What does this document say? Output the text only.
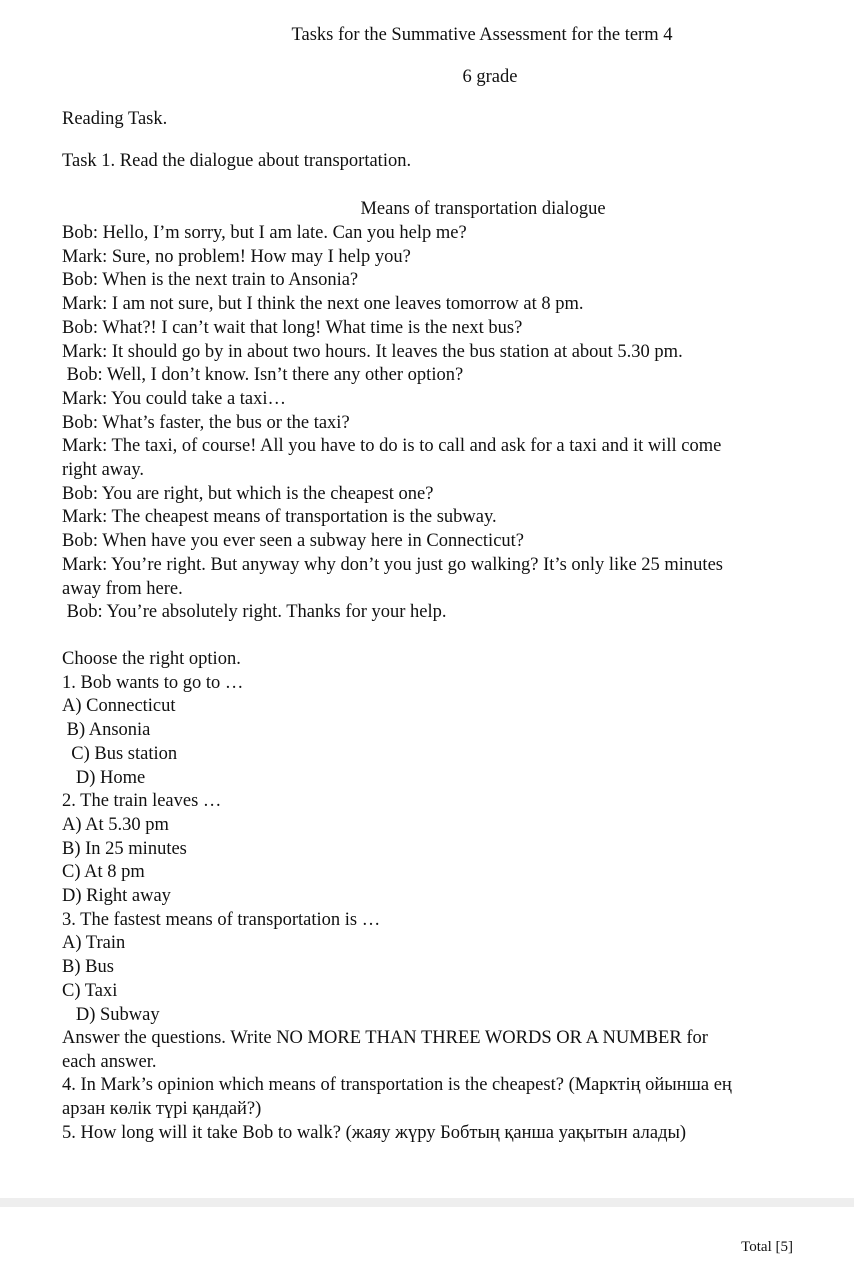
Tasks for the Summative Assessment for the term 4
6 grade
Reading Task.
Task 1. Read the dialogue about transportation.
Means of transportation dialogue
Bob: Hello, I’m sorry, but I am late. Can you help me?
Mark: Sure, no problem! How may I help you?
Bob: When is the next train to Ansonia?
Mark: I am not sure, but I think the next one leaves tomorrow at 8 pm.
Bob: What?! I can’t wait that long! What time is the next bus?
Mark: It should go by in about two hours. It leaves the bus station at about 5.30 pm.
Bob: Well, I don’t know. Isn’t there any other option?
Mark: You could take a taxi…
Bob: What’s faster, the bus or the taxi?
Mark: The taxi, of course! All you have to do is to call and ask for a taxi and it will come
right away.
Bob: You are right, but which is the cheapest one?
Mark: The cheapest means of transportation is the subway.
Bob: When have you ever seen a subway here in Connecticut?
Mark: You’re right. But anyway why don’t you just go walking? It’s only like 25 minutes
away from here.
Bob: You’re absolutely right. Thanks for your help.
Choose the right option.
1. Bob wants to go to …
A) Connecticut
B) Ansonia
C) Bus station
D) Home
2. The train leaves …
A) At 5.30 pm
B) In 25 minutes
C) At 8 pm
D) Right away
3. The fastest means of transportation is …
A) Train
B) Bus
C) Taxi
D) Subway
Answer the questions. Write NO MORE THAN THREE WORDS OR A NUMBER for
each answer.
4. In Mark’s opinion which means of transportation is the cheapest? (Марктің ойынша ең
арзан көлік түрі қандай?)
5. How long will it take Bob to walk? (жаяу жүру Бобтың қанша уақытын алады)
Total [5]
